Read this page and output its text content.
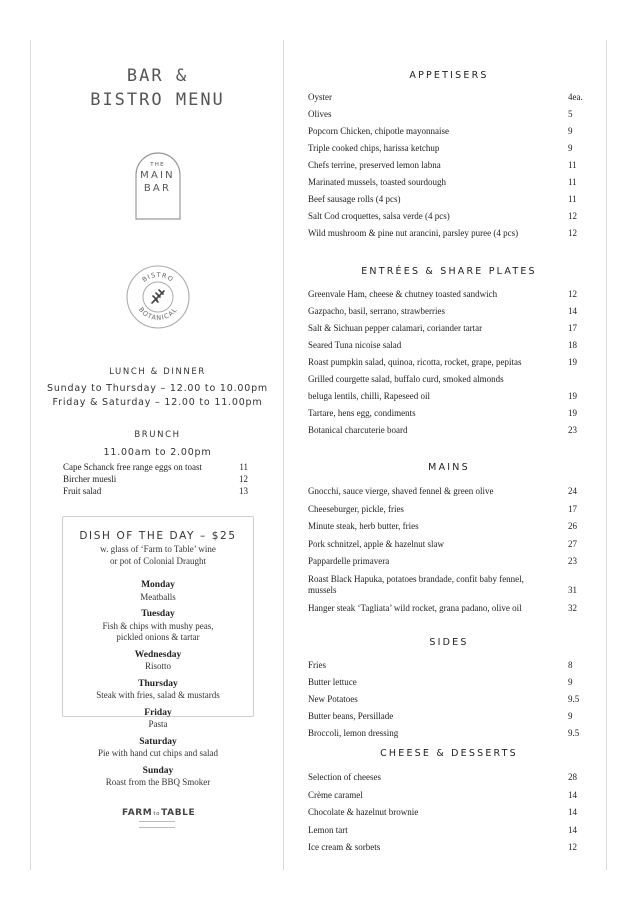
BAR &
BISTRO MENU
THE
MAIN
BAR
BISTRO
BOTANICAL
LUNCH & DINNER
Sunday to Thursday – 12.00 to 10.00pm
Friday & Saturday – 12.00 to 11.00pm
BRUNCH
11.00am to 2.00pm
Cape Schanck free range eggs on toast	11
Bircher muesli	12
Fruit salad	13
DISH OF THE DAY – $25
w. glass of ‘Farm to Table’ wine
or pot of Colonial Draught
Monday
Meatballs
Tuesday
Fish & chips with mushy peas,
pickled onions & tartar
Wednesday
Risotto
Thursday
Steak with fries, salad & mustards
Friday
Pasta
Saturday
Pie with hand cut chips and salad
Sunday
Roast from the BBQ Smoker
FARMtoTABLE
APPETISERS
Oyster	4ea.
Olives	5
Popcorn Chicken, chipotle mayonnaise	9
Triple cooked chips, harissa ketchup	9
Chefs terrine, preserved lemon labna	11
Marinated mussels, toasted sourdough	11
Beef sausage rolls (4 pcs)	11
Salt Cod croquettes, salsa verde (4 pcs)	12
Wild mushroom & pine nut arancini, parsley puree (4 pcs)	12
ENTRÉES & SHARE PLATES
Greenvale Ham, cheese & chutney toasted sandwich	12
Gazpacho, basil, serrano, strawberries	14
Salt & Sichuan pepper calamari, coriander tartar	17
Seared Tuna nicoise salad	18
Roast pumpkin salad, quinoa, ricotta, rocket, grape, pepitas	19
Grilled courgette salad, buffalo curd, smoked almonds
beluga lentils, chilli, Rapeseed oil	19
Tartare, hens egg, condiments	19
Botanical charcuterie board	23
MAINS
Gnocchi, sauce vierge, shaved fennel & green olive	24
Cheeseburger, pickle, fries	17
Minute steak, herb butter, fries	26
Pork schnitzel, apple & hazelnut slaw	27
Pappardelle primavera	23
Roast Black Hapuka, potatoes brandade, confit baby fennel,
mussels	31
Hanger steak ‘Tagliata’ wild rocket, grana padano, olive oil	32
SIDES
Fries	8
Butter lettuce	9
New Potatoes	9.5
Butter beans, Persillade	9
Broccoli, lemon dressing	9.5
CHEESE & DESSERTS
Selection of cheeses	28
Crème caramel	14
Chocolate & hazelnut brownie	14
Lemon tart	14
Ice cream & sorbets	12
